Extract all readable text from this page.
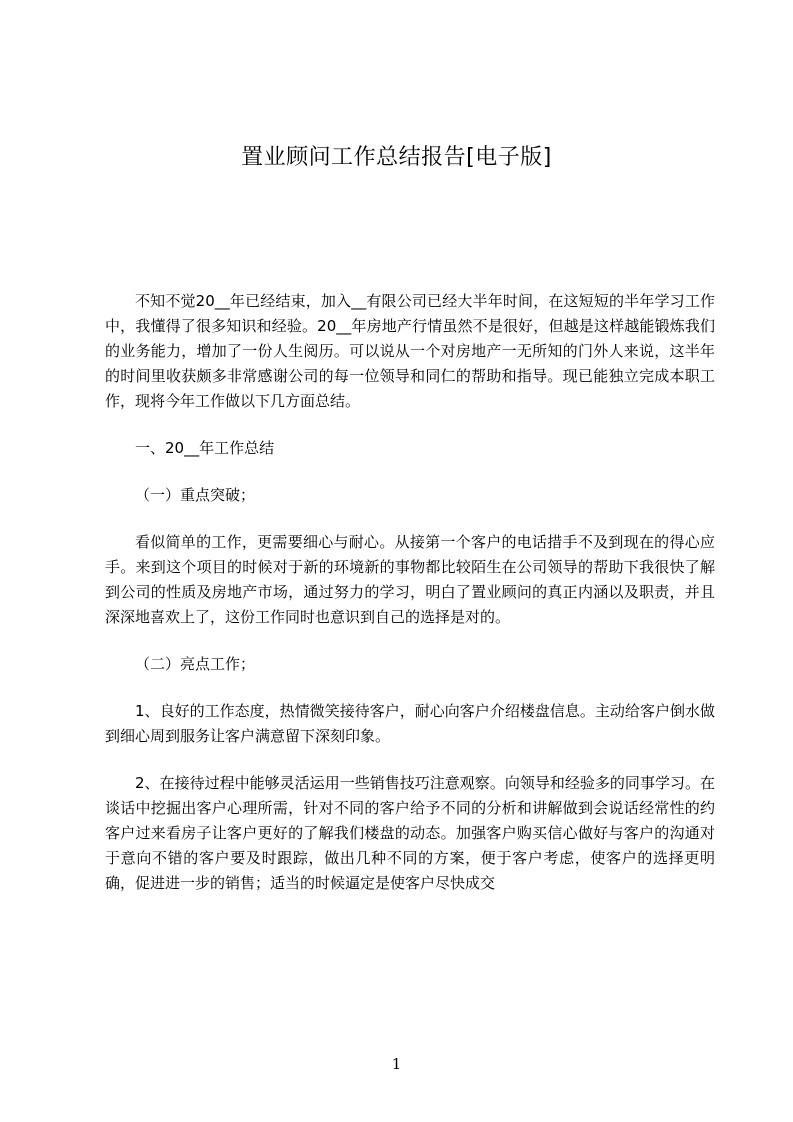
置业顾问工作总结报告[电子版]

不知不觉20__年已经结束，加入__有限公司已经大半年时间，在这短短的半年学习工作中，我懂得了很多知识和经验。20__年房地产行情虽然不是很好，但越是这样越能锻炼我们的业务能力，增加了一份人生阅历。可以说从一个对房地产一无所知的门外人来说，这半年的时间里收获颇多非常感谢公司的每一位领导和同仁的帮助和指导。现已能独立完成本职工作，现将今年工作做以下几方面总结。

一、20__年工作总结

（一）重点突破；

看似简单的工作，更需要细心与耐心。从接第一个客户的电话措手不及到现在的得心应手。来到这个项目的时候对于新的环境新的事物都比较陌生在公司领导的帮助下我很快了解到公司的性质及房地产市场，通过努力的学习，明白了置业顾问的真正内涵以及职责，并且深深地喜欢上了，这份工作同时也意识到自己的选择是对的。

（二）亮点工作；

1、良好的工作态度，热情微笑接待客户，耐心向客户介绍楼盘信息。主动给客户倒水做到细心周到服务让客户满意留下深刻印象。

2、在接待过程中能够灵活运用一些销售技巧注意观察。向领导和经验多的同事学习。在谈话中挖掘出客户心理所需，针对不同的客户给予不同的分析和讲解做到会说话经常性的约客户过来看房子让客户更好的了解我们楼盘的动态。加强客户购买信心做好与客户的沟通对于意向不错的客户要及时跟踪，做出几种不同的方案，便于客户考虑，使客户的选择更明确，促进进一步的销售；适当的时候逼定是使客户尽快成交

1
